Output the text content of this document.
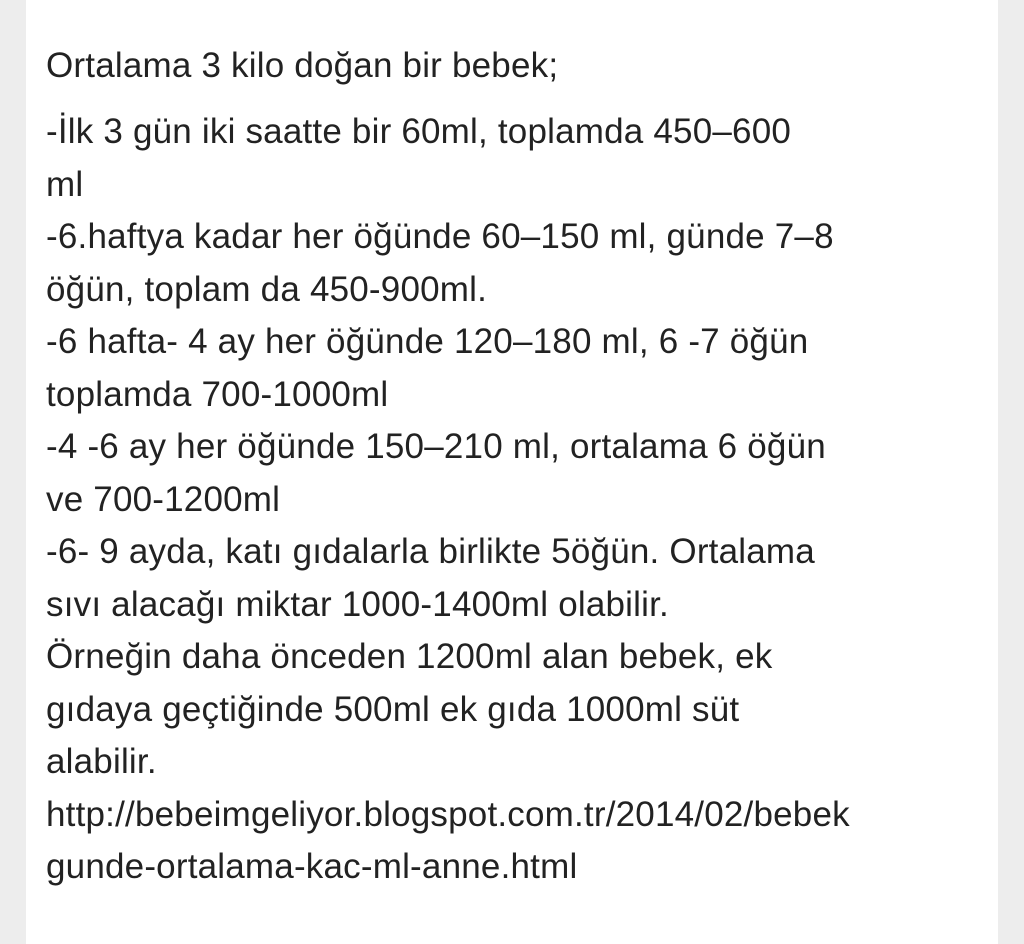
Ortalama 3 kilo doğan bir bebek;
-İlk 3 gün iki saatte bir 60ml, toplamda 450–600
ml
-6.haftya kadar her öğünde 60–150 ml, günde 7–8
öğün, toplam da 450-900ml.
-6 hafta- 4 ay her öğünde 120–180 ml, 6 -7 öğün
toplamda 700-1000ml
-4 -6 ay her öğünde 150–210 ml, ortalama 6 öğün
ve 700-1200ml
-6- 9 ayda, katı gıdalarla birlikte 5öğün. Ortalama
sıvı alacağı miktar 1000-1400ml olabilir.
Örneğin daha önceden 1200ml alan bebek, ek
gıdaya geçtiğinde 500ml ek gıda 1000ml süt
alabilir.
http://bebeimgeliyor.blogspot.com.tr/2014/02/bebek
gunde-ortalama-kac-ml-anne.html
